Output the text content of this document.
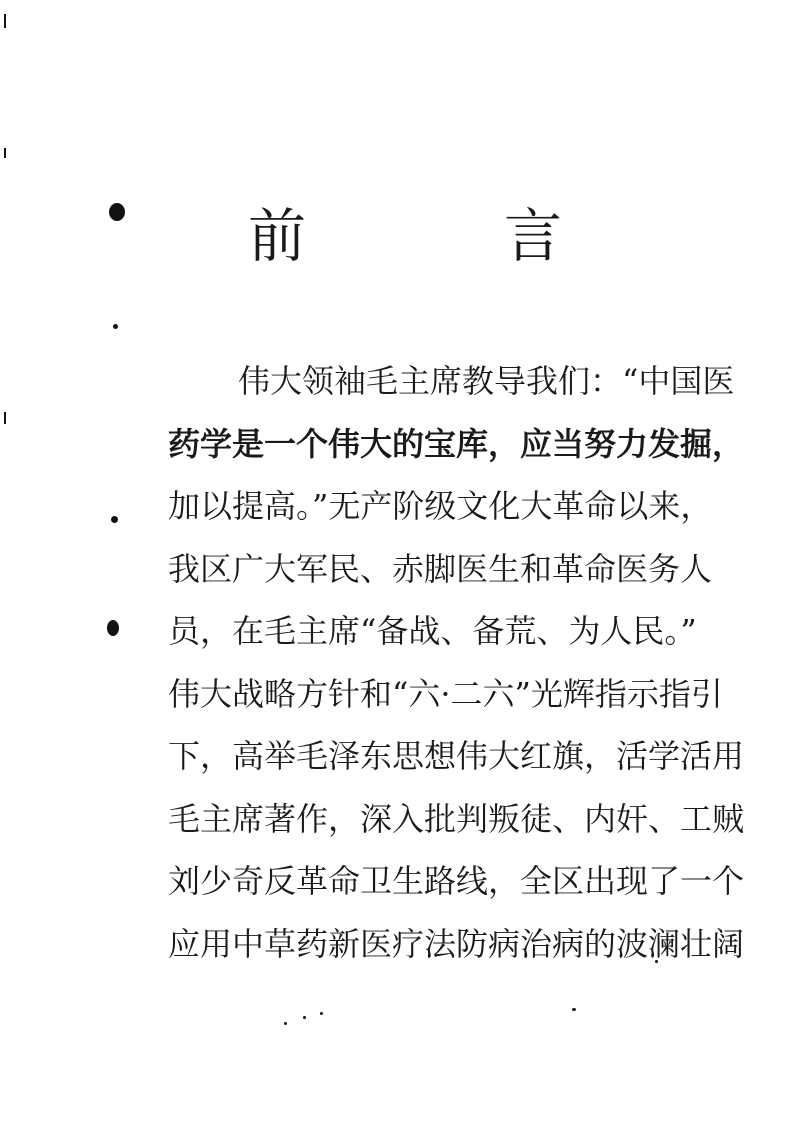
前　言
伟大领袖毛主席教导我们：“中国医
药学是一个伟大的宝库，应当努力发掘，
加以提高。”无产阶级文化大革命以来，
我区广大军民、赤脚医生和革命医务人
员，在毛主席“备战、备荒、为人民。”
伟大战略方针和“六·二六”光辉指示指引
下，高举毛泽东思想伟大红旗，活学活用
毛主席著作，深入批判叛徒、内奸、工贼
刘少奇反革命卫生路线，全区出现了一个
应用中草药新医疗法防病治病的波澜壮阔
